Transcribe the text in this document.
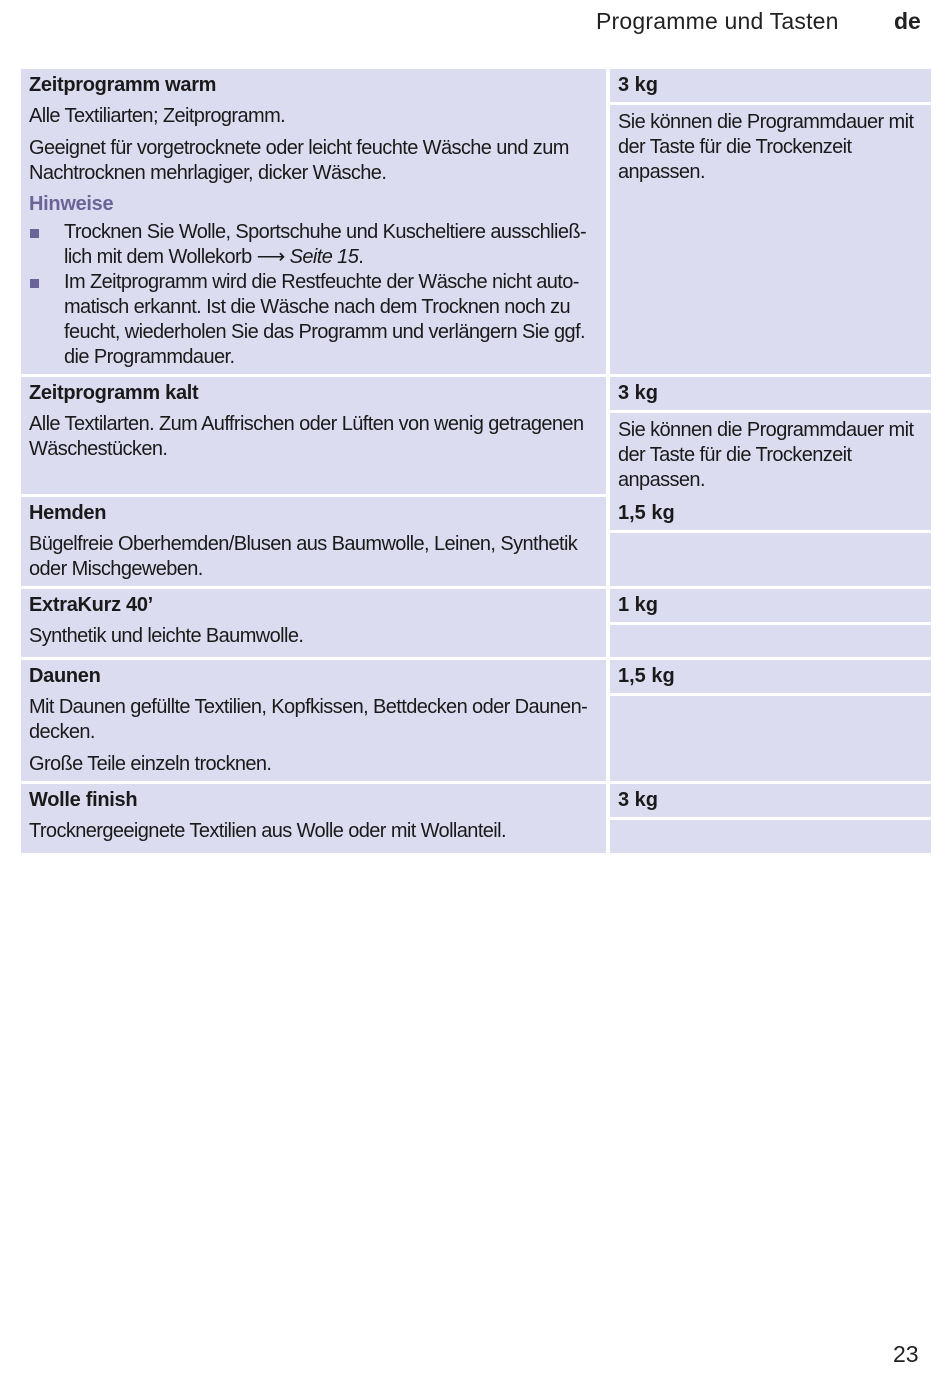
Programme und Tasten de
Zeitprogramm warm
Alle Textiliarten; Zeitprogramm.
Geeignet für vorgetrocknete oder leicht feuchte Wäsche und zum Nachtrocknen mehrlagiger, dicker Wäsche.
Hinweise
Trocknen Sie Wolle, Sportschuhe und Kuscheltiere ausschließ-lich mit dem Wollekorb ⟶ Seite 15.
Im Zeitprogramm wird die Restfeuchte der Wäsche nicht auto-matisch erkannt. Ist die Wäsche nach dem Trocknen noch zu feucht, wiederholen Sie das Programm und verlängern Sie ggf. die Programmdauer.
3 kg
Sie können die Programmdauer mit der Taste für die Trockenzeit anpassen.
Zeitprogramm kalt
Alle Textilarten. Zum Auffrischen oder Lüften von wenig getragenen Wäschestücken.
3 kg
Sie können die Programmdauer mit der Taste für die Trockenzeit anpassen.
Hemden
Bügelfreie Oberhemden/Blusen aus Baumwolle, Leinen, Synthetik oder Mischgeweben.
1,5 kg
ExtraKurz 40’
Synthetik und leichte Baumwolle.
1 kg
Daunen
Mit Daunen gefüllte Textilien, Kopfkissen, Bettdecken oder Daunen-decken.
Große Teile einzeln trocknen.
1,5 kg
Wolle finish
Trocknergeeignete Textilien aus Wolle oder mit Wollanteil.
3 kg
23
